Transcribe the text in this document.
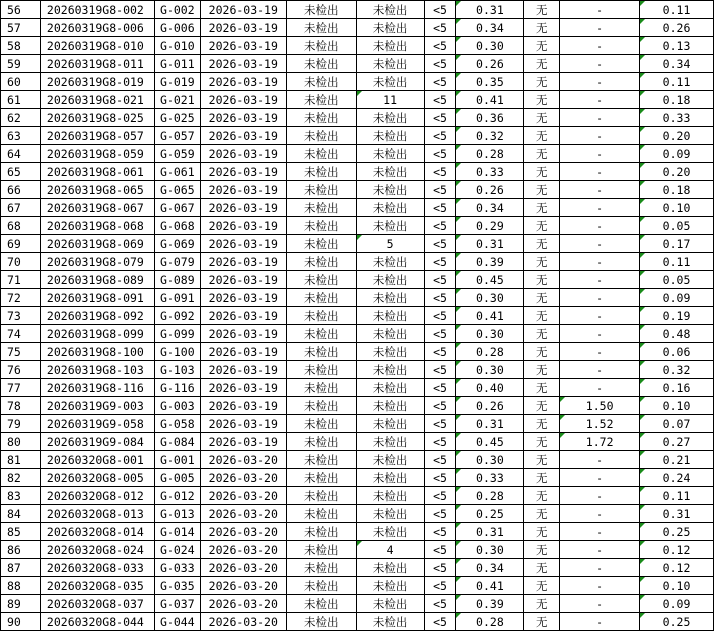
56	20260319G8-002	G-002	2026-03-19	未检出	未检出	<5	0.31	无	-	0.11
57	20260319G8-006	G-006	2026-03-19	未检出	未检出	<5	0.34	无	-	0.26
58	20260319G8-010	G-010	2026-03-19	未检出	未检出	<5	0.30	无	-	0.13
59	20260319G8-011	G-011	2026-03-19	未检出	未检出	<5	0.26	无	-	0.34
60	20260319G8-019	G-019	2026-03-19	未检出	未检出	<5	0.35	无	-	0.11
61	20260319G8-021	G-021	2026-03-19	未检出	11	<5	0.41	无	-	0.18
62	20260319G8-025	G-025	2026-03-19	未检出	未检出	<5	0.36	无	-	0.33
63	20260319G8-057	G-057	2026-03-19	未检出	未检出	<5	0.32	无	-	0.20
64	20260319G8-059	G-059	2026-03-19	未检出	未检出	<5	0.28	无	-	0.09
65	20260319G8-061	G-061	2026-03-19	未检出	未检出	<5	0.33	无	-	0.20
66	20260319G8-065	G-065	2026-03-19	未检出	未检出	<5	0.26	无	-	0.18
67	20260319G8-067	G-067	2026-03-19	未检出	未检出	<5	0.34	无	-	0.10
68	20260319G8-068	G-068	2026-03-19	未检出	未检出	<5	0.29	无	-	0.05
69	20260319G8-069	G-069	2026-03-19	未检出	5	<5	0.31	无	-	0.17
70	20260319G8-079	G-079	2026-03-19	未检出	未检出	<5	0.39	无	-	0.11
71	20260319G8-089	G-089	2026-03-19	未检出	未检出	<5	0.45	无	-	0.05
72	20260319G8-091	G-091	2026-03-19	未检出	未检出	<5	0.30	无	-	0.09
73	20260319G8-092	G-092	2026-03-19	未检出	未检出	<5	0.41	无	-	0.19
74	20260319G8-099	G-099	2026-03-19	未检出	未检出	<5	0.30	无	-	0.48
75	20260319G8-100	G-100	2026-03-19	未检出	未检出	<5	0.28	无	-	0.06
76	20260319G8-103	G-103	2026-03-19	未检出	未检出	<5	0.30	无	-	0.32
77	20260319G8-116	G-116	2026-03-19	未检出	未检出	<5	0.40	无	-	0.16
78	20260319G9-003	G-003	2026-03-19	未检出	未检出	<5	0.26	无	1.50	0.10
79	20260319G9-058	G-058	2026-03-19	未检出	未检出	<5	0.31	无	1.52	0.07
80	20260319G9-084	G-084	2026-03-19	未检出	未检出	<5	0.45	无	1.72	0.27
81	20260320G8-001	G-001	2026-03-20	未检出	未检出	<5	0.30	无	-	0.21
82	20260320G8-005	G-005	2026-03-20	未检出	未检出	<5	0.33	无	-	0.24
83	20260320G8-012	G-012	2026-03-20	未检出	未检出	<5	0.28	无	-	0.11
84	20260320G8-013	G-013	2026-03-20	未检出	未检出	<5	0.25	无	-	0.31
85	20260320G8-014	G-014	2026-03-20	未检出	未检出	<5	0.31	无	-	0.25
86	20260320G8-024	G-024	2026-03-20	未检出	4	<5	0.30	无	-	0.12
87	20260320G8-033	G-033	2026-03-20	未检出	未检出	<5	0.34	无	-	0.12
88	20260320G8-035	G-035	2026-03-20	未检出	未检出	<5	0.41	无	-	0.10
89	20260320G8-037	G-037	2026-03-20	未检出	未检出	<5	0.39	无	-	0.09
90	20260320G8-044	G-044	2026-03-20	未检出	未检出	<5	0.28	无	-	0.25
